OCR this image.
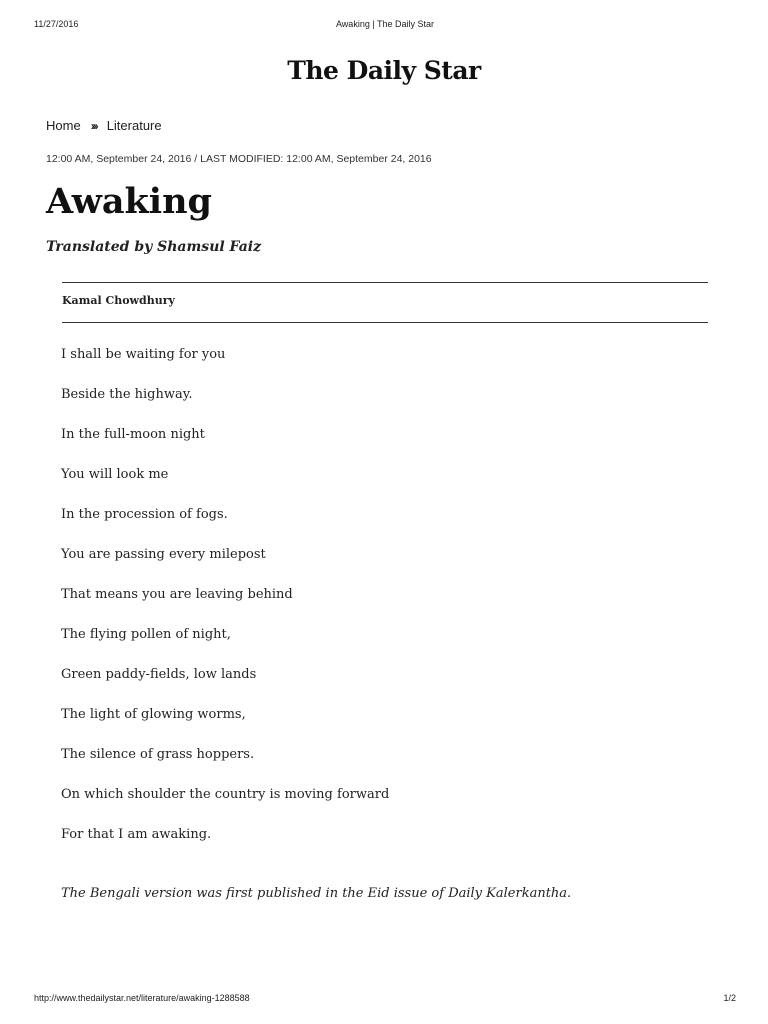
11/27/2016	Awaking | The Daily Star
The Daily Star
Home ››› Literature
12:00 AM, September 24, 2016 / LAST MODIFIED: 12:00 AM, September 24, 2016
Awaking
Translated by Shamsul Faiz
Kamal Chowdhury
I shall be waiting for you
Beside the highway.
In the full-moon night
You will look me
In the procession of fogs.
You are passing every milepost
That means you are leaving behind
The flying pollen of night,
Green paddy-fields, low lands
The light of glowing worms,
The silence of grass hoppers.
On which shoulder the country is moving forward
For that I am awaking.
The Bengali version was first published in the Eid issue of Daily Kalerkantha.
http://www.thedailystar.net/literature/awaking-1288588	1/2
